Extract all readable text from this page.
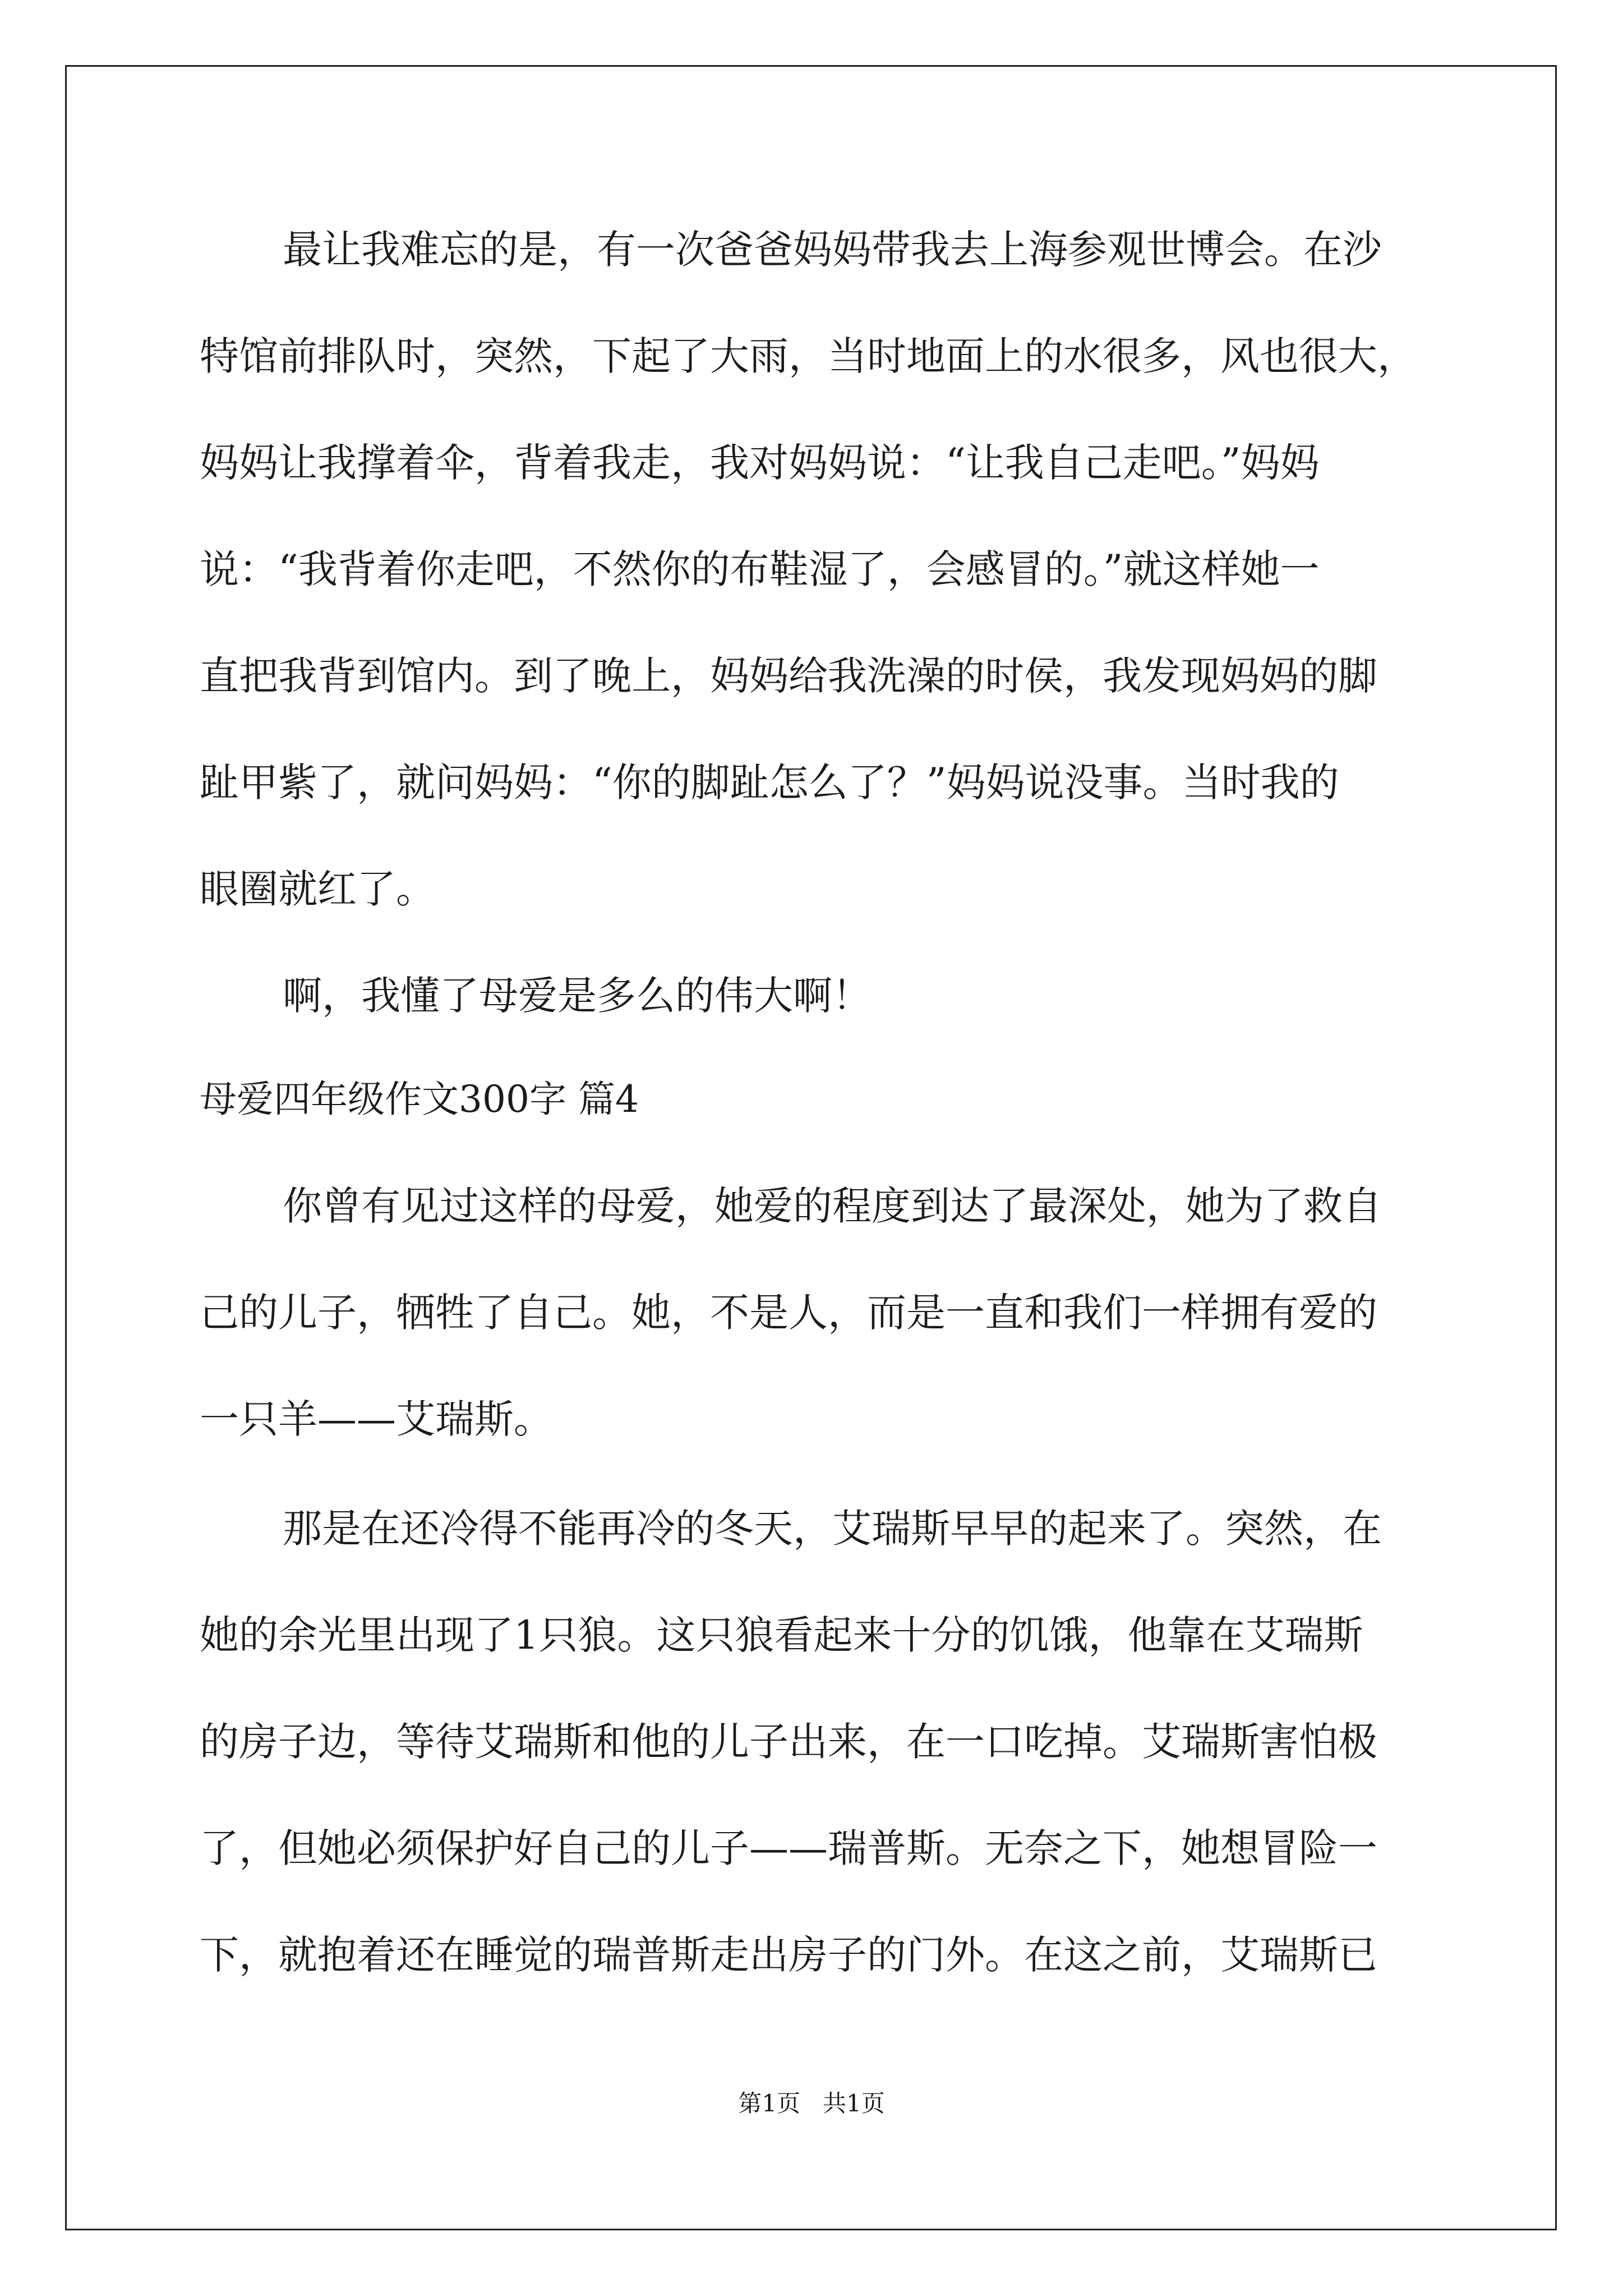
最让我难忘的是，有一次爸爸妈妈带我去上海参观世博会。在沙
特馆前排队时，突然，下起了大雨，当时地面上的水很多，风也很大，
妈妈让我撑着伞，背着我走，我对妈妈说：“让我自己走吧。”妈妈
说：“我背着你走吧，不然你的布鞋湿了，会感冒的。”就这样她一
直把我背到馆内。到了晚上，妈妈给我洗澡的时侯，我发现妈妈的脚
趾甲紫了，就问妈妈：“你的脚趾怎么了？”妈妈说没事。当时我的
眼圈就红了。
啊，我懂了母爱是多么的伟大啊！
母爱四年级作文300字 篇4
你曾有见过这样的母爱，她爱的程度到达了最深处，她为了救自
己的儿子，牺牲了自己。她，不是人，而是一直和我们一样拥有爱的
一只羊——艾瑞斯。
那是在还冷得不能再冷的冬天，艾瑞斯早早的起来了。突然，在
她的余光里出现了1只狼。这只狼看起来十分的饥饿，他靠在艾瑞斯
的房子边，等待艾瑞斯和他的儿子出来，在一口吃掉。艾瑞斯害怕极
了，但她必须保护好自己的儿子——瑞普斯。无奈之下，她想冒险一
下，就抱着还在睡觉的瑞普斯走出房子的门外。在这之前，艾瑞斯已
第1页 共1页
